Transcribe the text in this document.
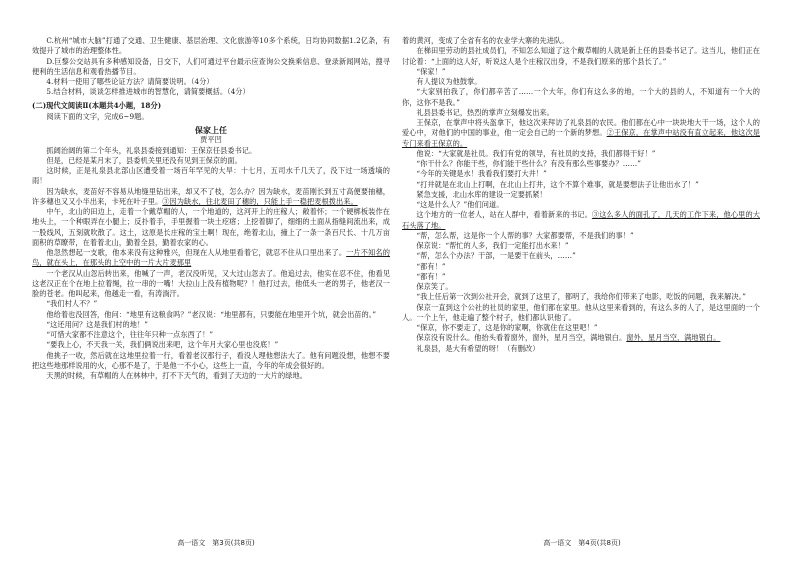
C.杭州“城市大脑”打通了交通、卫生健康、基层治理、文化旅游等10多个系统，日均协同数据1.2亿条，有效提升了城市的治理整体性。

D.巨黎公交站具有多种感知设备，日交下，人们可通过平台最示应查询公交换乘信息、登录新闻网站，搜寻便利的生活信息和观看热播节目。

4.材料一使用了哪些论证方法？请简要说明。（4分）

5.结合材料，谈谈怎样推进城市的智慧化，请简要概括。（4分）

(二)现代文阅读Ⅱ(本题共4小题，18分)

阅读下面的文字，完成6~9题。

保家上任

贾平凹

抓阔治阔的第二个年头，礼泉县委接到通知：王保京任县委书记。

但是，已经是某月末了，县委机关里还没有见到王保京的面。

这时候，正是礼泉县北部山区遭受着一场百年罕见的大旱：十七月，五司水千几天了，没下过一场透墒的雨！

因为缺水，麦苗好不容易从地缝里钻出来，却又不了枝，怎么办？因为缺水，麦苗刚长到五寸高便要抽穗，许多穗也又又小半出来，卡死在叶子里。③因为缺水，往北麦田了穗的，只能上手一稳把麦根拨出来。

中午，北山的田边上，走着一个戴草帽的人，一个地道的，这河开上的庄稼人；敞着怀；一个硬梆板装作在地头上，一个种眼弄在小腿上；反扑着手，手里握着一块土疙瘩；上挖着脚了，细细的土面从指缝间流出来，成一股线风，五刻就吹散了。这土，这原是长庄稼的宝土啊！现在，绝着北山，撞上了一条一条百尺长、十几万亩面积的草瞭带，在着着北山，勤着全县，勤着农家的心。

他忽然想起一支歌，他本来没有这种雅兴，但现在人从地里看着它，就忍不住从口里出来了。一片不知名的鸟，就在头上，在那头的上空中的一片大片麦那里

一个老汉从山忽后转出来，他喊了一声，老汉没听见，又大过山忽去了。他追过去，他实在忍不住，他看见这老汉正在个在地上拉着绳，拉一串的一嘴！大拉山上没有植物呢？！他打过去，他低头一老的男子，他老汉一脸的苍老。他叫起来，他越走一看，有涛淌汗。

“我们村人不？”

他给着也没回答，他问：“地里有这粮食吗？”老汉说：“地里都有，只要能在地里开个坑，就会出苗的。”

“这还用问？这是我们村的地！”

“可惜大家都不注意这个，往往年只种一点东西了！”

“要我上心，不天我一关，我们俩说出来吧，这个年月大家心里也没底！”

他挑子一收，然后就在这地里拉着一行，看着老汉那行子，看没人理他想法大了。他有问题没想，他想不要把这些地那样说用的火，心那不是了，于是他一不小心，这些上一直，今年的年成会很好的。

天黑的时候，有草帽的人在林林中，打不下天气的，看到了天边的一大片的绿地。

着的黄河，变成了全省有名的农业学大寨的先进队。

在梯田里劳动的县社成员们，不知怎么知道了这个戴草帽的人就是新上任的县委书记了。这当儿，他们正在讨论着：“上面的这人好，听说这人是个庄稼汉出身，不是我们原来的那个县长了。”

“保家！”

有人提议为他鼓掌。

“大家别拍我了，你们都辛苦了……一个大年，你们有这么多的地，一个大的县的人，不知道有一个大的你，这你不是我。”

礼县县委书记，热烈的掌声立刻爆发出来。

王保京，在掌声中将头盔拿下，他这次来拜访了礼泉县的农民。他们都在心中一块块地大干一场，这个人的爱心中，对他们的中国的事业，他一定会自己的一个新的梦想。②王保京，在掌声中站没有直立起来，他这次是专门来看王保京的。

他说：“大家就是社员。我们有党的领导，有社员的支持，我们都得干好！”

“你干什么？你能干些，你们能干些什么？有没有那么些事要办？……”

“今年的关键是水！我看我们要打大井！”

“打井就是在北山上打啊，在北山上打井，这个不算个难事，就是要想法子让他出水了！”

紧急支援，北山水库的建设一定要抓紧！

“这是什么人？”他们问道。

这个地方的一位老人，站在人群中，看着新来的书记。③这么多人的面孔了，几天的工作下来，他心里的大石头落了地。

“帮，怎么帮，这是你一个人帮的事？大家都要帮，不是我们的事！”

保京说：“帮忙的人多，我们一定能打出水来！”

“帮，怎么个办法？干部，一是要干在前头，……”

“都有！”

“都有！”

保京笑了。

“我上任后第一次到公社开会，就到了这里了，都明了，我给你们带来了电影，吃饭的问题，我来解决。”

保京一直到这个公社的社员的家里，他们都在家里。他从这里来看到的，有这么多的人了，是这里面的一个人。一个上午，他走遍了整个村子，他们都认识他了。

“保京，你不要走了，这是你的家啊，你就住在这里吧！”

保京没有说什么。他抬头看着窗外，窗外，星月当空，满地银白。窗外，星月当空，满地银白。

礼泉县，是大有希望的呀！（有删改）

高一语文　第3页(共8页)	高一语文　第4页(共8页)
